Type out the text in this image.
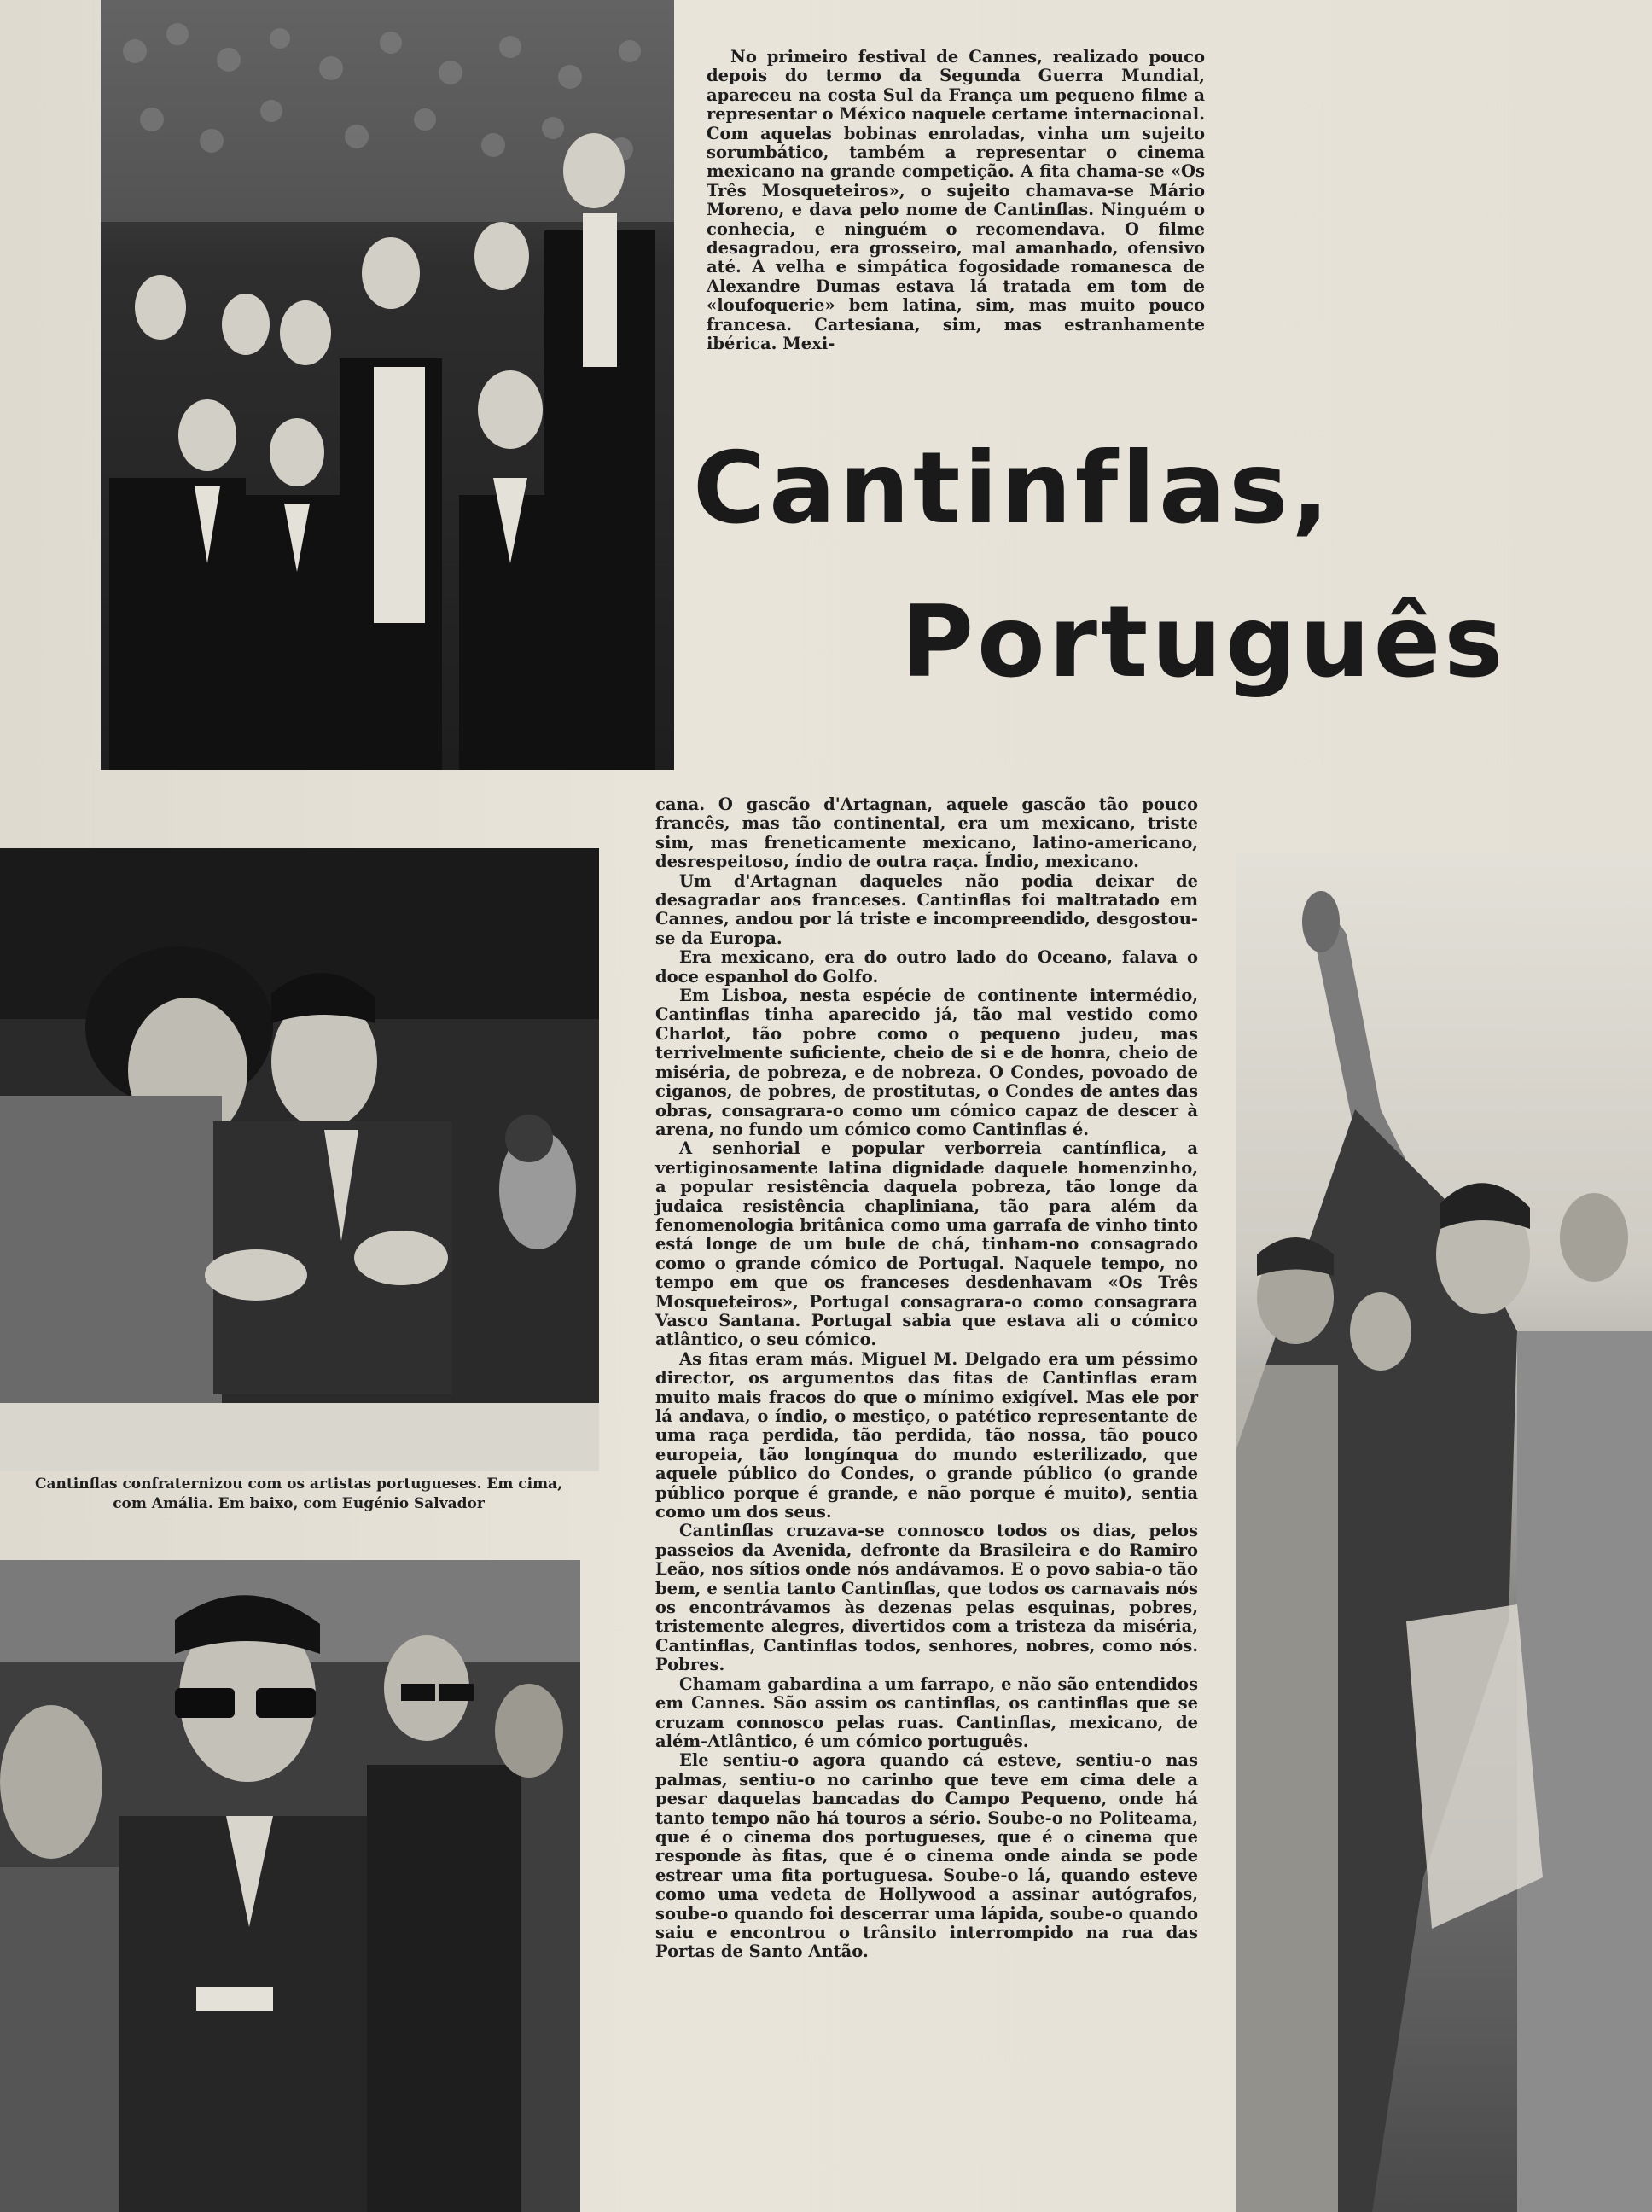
No primeiro festival de Cannes, realizado pouco depois do termo da Segunda Guerra Mundial, apareceu na costa Sul da França um pequeno filme a representar o México naquele certame internacional. Com aquelas bobinas enroladas, vinha um sujeito sorumbático, também a representar o cinema mexicano na grande competição. A fita chama-se «Os Três Mosqueteiros», o sujeito chamava-se Mário Moreno, e dava pelo nome de Cantinflas. Ninguém o conhecia, e ninguém o recomendava. O filme desagradou, era grosseiro, mal amanhado, ofensivo até. A velha e simpática fogosidade romanesca de Alexandre Dumas estava lá tratada em tom de «loufoquerie» bem latina, sim, mas muito pouco francesa. Cartesiana, sim, mas estranhamente ibérica. Mexi-

Cantinflas,
Português

Cantinflas confraternizou com os artistas portugueses. Em cima, com Amália. Em baixo, com Eugénio Salvador

cana. O gascão d'Artagnan, aquele gascão tão pouco francês, mas tão continental, era um mexicano, triste sim, mas freneticamente mexicano, latino-americano, desrespeitoso, índio de outra raça. Índio, mexicano.

Um d'Artagnan daqueles não podia deixar de desagradar aos franceses. Cantinflas foi maltratado em Cannes, andou por lá triste e incompreendido, desgostou-se da Europa.

Era mexicano, era do outro lado do Oceano, falava o doce espanhol do Golfo.

Em Lisboa, nesta espécie de continente intermédio, Cantinflas tinha aparecido já, tão mal vestido como Charlot, tão pobre como o pequeno judeu, mas terrivelmente suficiente, cheio de si e de honra, cheio de miséria, de pobreza, e de nobreza. O Condes, povoado de ciganos, de pobres, de prostitutas, o Condes de antes das obras, consagrara-o como um cómico capaz de descer à arena, no fundo um cómico como Cantinflas é.

A senhorial e popular verborreia cantínflica, a vertiginosamente latina dignidade daquele homenzinho, a popular resistência daquela pobreza, tão longe da judaica resistência chapliniana, tão para além da fenomenologia britânica como uma garrafa de vinho tinto está longe de um bule de chá, tinham-no consagrado como o grande cómico de Portugal. Naquele tempo, no tempo em que os franceses desdenhavam «Os Três Mosqueteiros», Portugal consagrara-o como consagrara Vasco Santana. Portugal sabia que estava ali o cómico atlântico, o seu cómico.

As fitas eram más. Miguel M. Delgado era um péssimo director, os argumentos das fitas de Cantinflas eram muito mais fracos do que o mínimo exigível. Mas ele por lá andava, o índio, o mestiço, o patético representante de uma raça perdida, tão perdida, tão nossa, tão pouco europeia, tão longínqua do mundo esterilizado, que aquele público do Condes, o grande público (o grande público porque é grande, e não porque é muito), sentia como um dos seus.

Cantinflas cruzava-se connosco todos os dias, pelos passeios da Avenida, defronte da Brasileira e do Ramiro Leão, nos sítios onde nós andávamos. E o povo sabia-o tão bem, e sentia tanto Cantinflas, que todos os carnavais nós os encontrávamos às dezenas pelas esquinas, pobres, tristemente alegres, divertidos com a tristeza da miséria, Cantinflas, Cantinflas todos, senhores, nobres, como nós. Pobres.

Chamam gabardina a um farrapo, e não são entendidos em Cannes. São assim os cantinflas, os cantinflas que se cruzam connosco pelas ruas. Cantinflas, mexicano, de além-Atlântico, é um cómico português.

Ele sentiu-o agora quando cá esteve, sentiu-o nas palmas, sentiu-o no carinho que teve em cima dele a pesar daquelas bancadas do Campo Pequeno, onde há tanto tempo não há touros a sério. Soube-o no Politeama, que é o cinema dos portugueses, que é o cinema que responde às fitas, que é o cinema onde ainda se pode estrear uma fita portuguesa. Soube-o lá, quando esteve como uma vedeta de Hollywood a assinar autógrafos, soube-o quando foi descerrar uma lápida, soube-o quando saiu e encontrou o trânsito interrompido na rua das Portas de Santo Antão.
